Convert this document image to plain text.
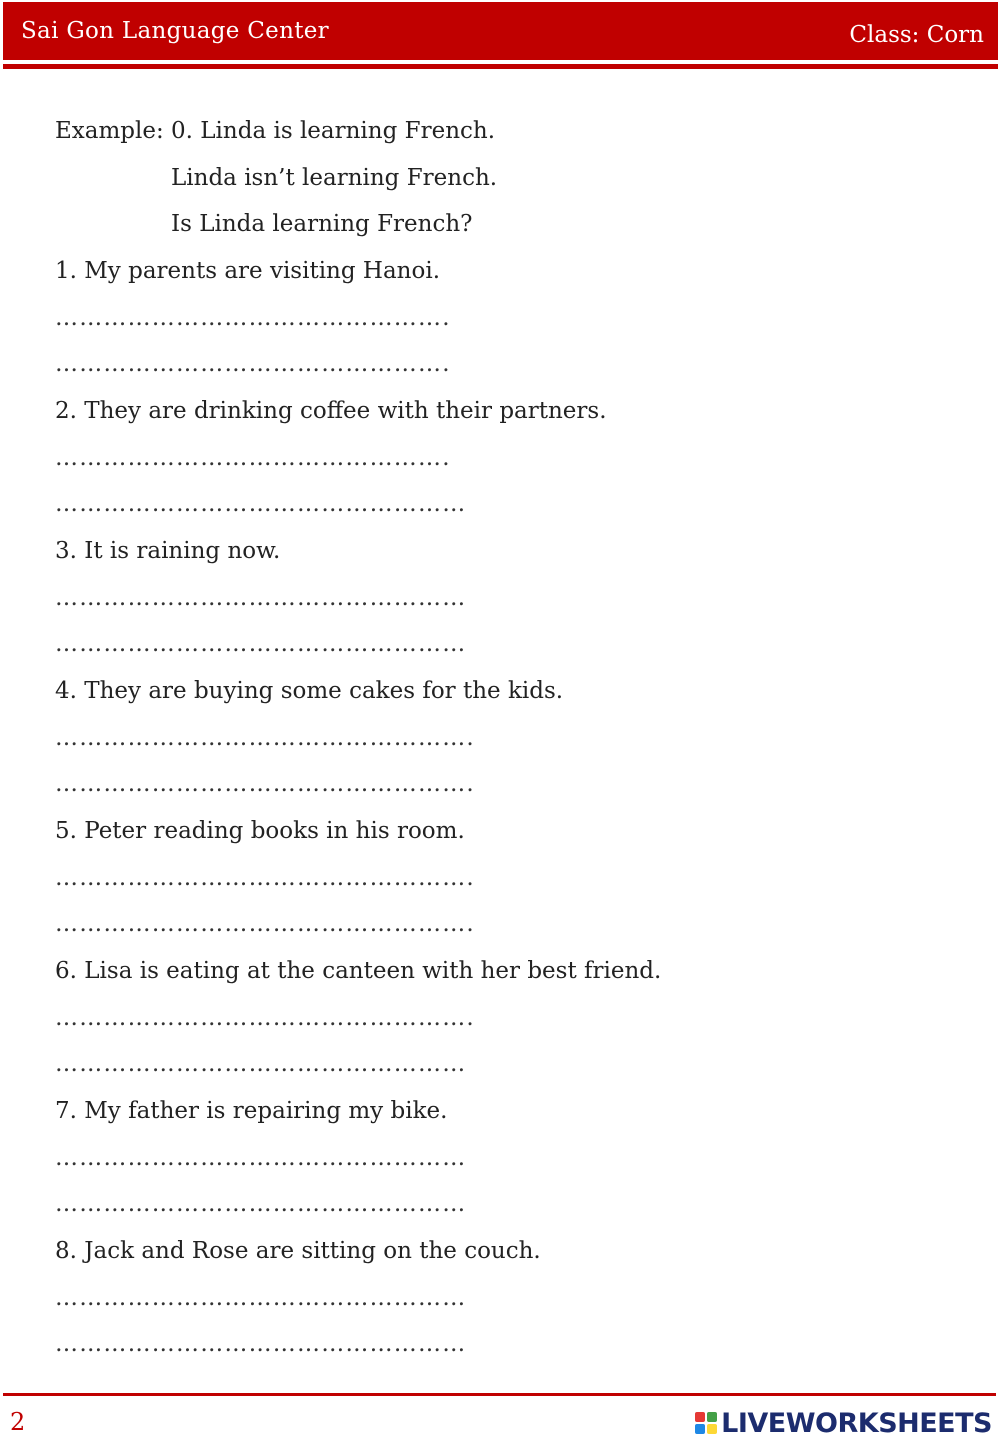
Sai Gon Language Center	Class: Corn
Example: 0. Linda is learning French.
Linda isn’t learning French.
Is Linda learning French?
1. My parents are visiting Hanoi.
………………………………………….
………………………………………….
2. They are drinking coffee with their partners.
………………………………………….
……………………………………………
3. It is raining now.
……………………………………………
……………………………………………
4. They are buying some cakes for the kids.
…………………………………………….
…………………………………………….
5. Peter reading books in his room.
…………………………………………….
…………………………………………….
6. Lisa is eating at the canteen with her best friend.
…………………………………………….
……………………………………………
7. My father is repairing my bike.
……………………………………………
……………………………………………
8. Jack and Rose are sitting on the couch.
……………………………………………
……………………………………………
2	LIVEWORKSHEETS
